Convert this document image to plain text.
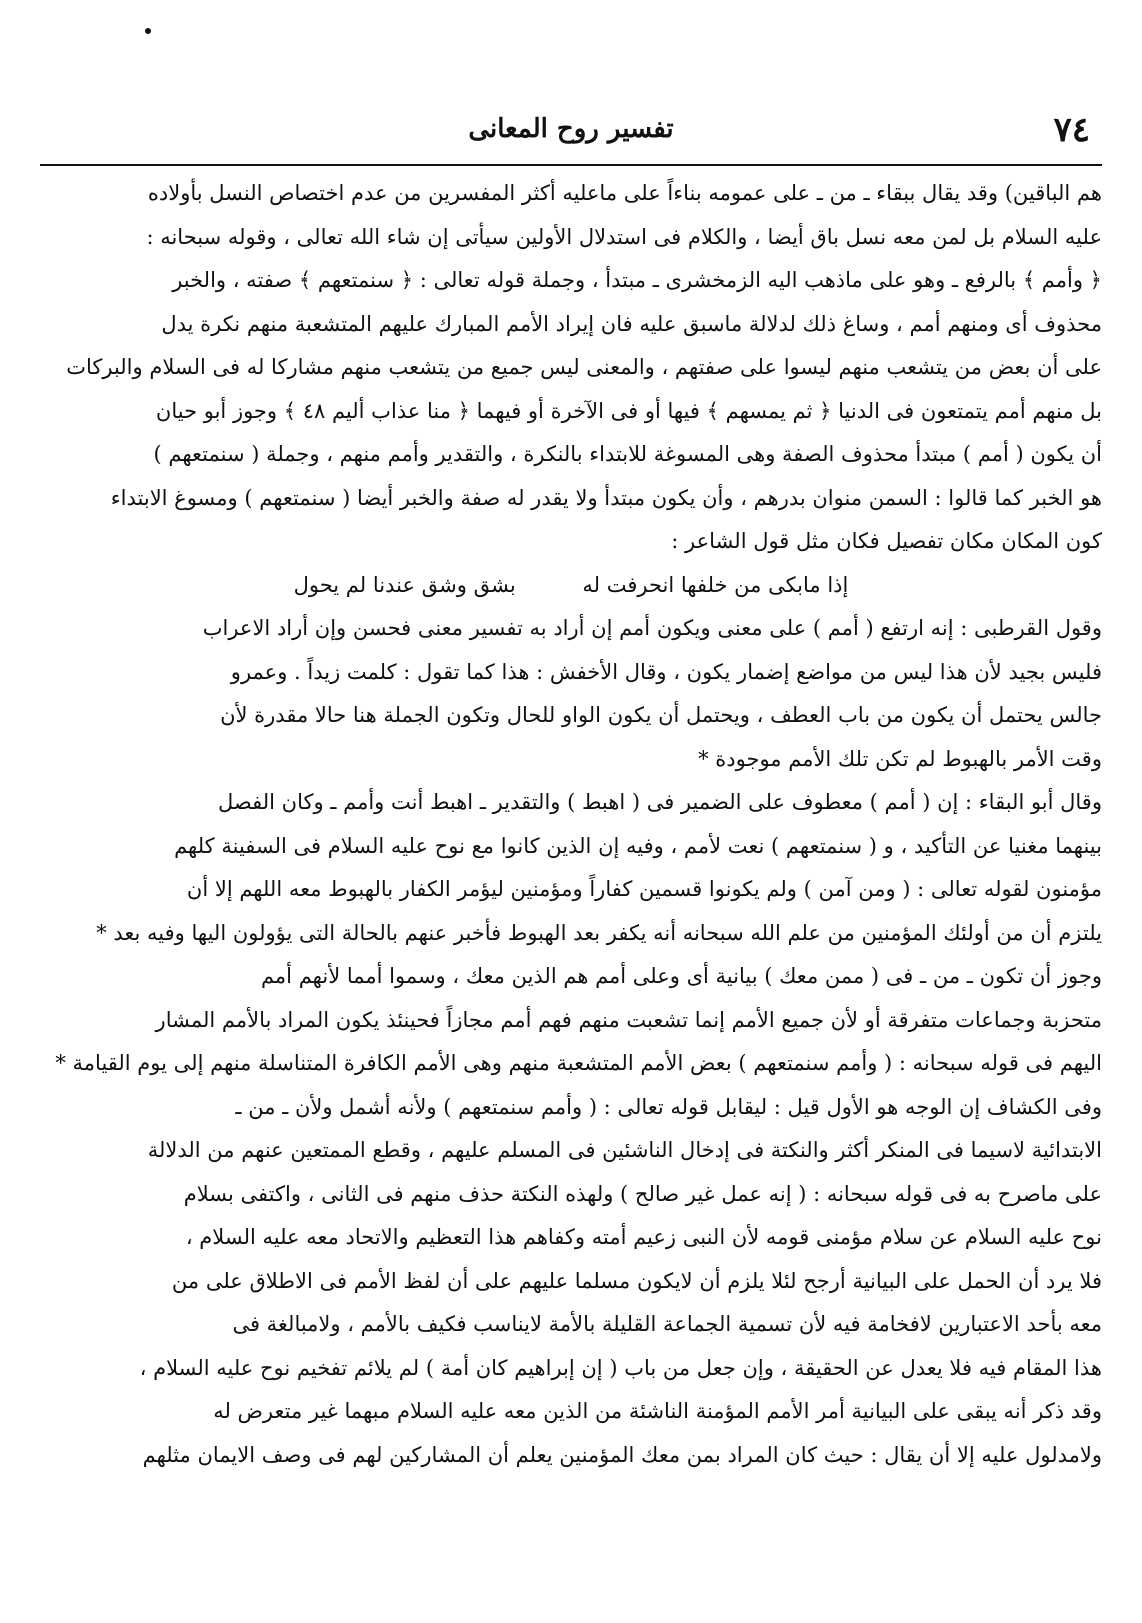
٧٤
تفسير روح المعانى
هم الباقين) وقد يقال ببقاء ـ من ـ على عمومه بناءاً على ماعليه أكثر المفسرين من عدم اختصاص النسل بأولاده
عليه السلام بل لمن معه نسل باق أيضا ، والكلام فى استدلال الأولين سيأتى إن شاء الله تعالى ، وقوله سبحانه :
﴿ وأمم ﴾ بالرفع ـ وهو على ماذهب اليه الزمخشرى ـ مبتدأ ، وجملة قوله تعالى : ﴿ سنمتعهم ﴾ صفته ، والخبر
محذوف أى ومنهم أمم ، وساغ ذلك لدلالة ماسبق عليه فان إيراد الأمم المبارك عليهم المتشعبة منهم نكرة يدل
على أن بعض من يتشعب منهم ليسوا على صفتهم ، والمعنى ليس جميع من يتشعب منهم مشاركا له فى السلام والبركات
بل منهم أمم يتمتعون فى الدنيا ﴿ ثم يمسهم ﴾ فيها أو فى الآخرة أو فيهما ﴿ منا عذاب أليم ٤٨ ﴾ وجوز أبو حيان
أن يكون ( أمم ) مبتدأ محذوف الصفة وهى المسوغة للابتداء بالنكرة ، والتقدير وأمم منهم ، وجملة ( سنمتعهم )
هو الخبر كما قالوا : السمن منوان بدرهم ، وأن يكون مبتدأ ولا يقدر له صفة والخبر أيضا ( سنمتعهم ) ومسوغ الابتداء
كون المكان مكان تفصيل فكان مثل قول الشاعر :
إذا مابكى من خلفها انحرفت له بشق وشق عندنا لم يحول
وقول القرطبى : إنه ارتفع ( أمم ) على معنى ويكون أمم إن أراد به تفسير معنى فحسن وإن أراد الاعراب
فليس بجيد لأن هذا ليس من مواضع إضمار يكون ، وقال الأخفش : هذا كما تقول : كلمت زيداً . وعمرو
جالس يحتمل أن يكون من باب العطف ، ويحتمل أن يكون الواو للحال وتكون الجملة هنا حالا مقدرة لأن
وقت الأمر بالهبوط لم تكن تلك الأمم موجودة *
وقال أبو البقاء : إن ( أمم ) معطوف على الضمير فى ( اهبط ) والتقدير ـ اهبط أنت وأمم ـ وكان الفصل
بينهما مغنيا عن التأكيد ، و ( سنمتعهم ) نعت لأمم ، وفيه إن الذين كانوا مع نوح عليه السلام فى السفينة كلهم
مؤمنون لقوله تعالى : ( ومن آمن ) ولم يكونوا قسمين كفاراً ومؤمنين ليؤمر الكفار بالهبوط معه اللهم إلا أن
يلتزم أن من أولئك المؤمنين من علم الله سبحانه أنه يكفر بعد الهبوط فأخبر عنهم بالحالة التى يؤولون اليها وفيه بعد *
وجوز أن تكون ـ من ـ فى ( ممن معك ) بيانية أى وعلى أمم هم الذين معك ، وسموا أمما لأنهم أمم
متحزبة وجماعات متفرقة أو لأن جميع الأمم إنما تشعبت منهم فهم أمم مجازاً فحينئذ يكون المراد بالأمم المشار
اليهم فى قوله سبحانه : ( وأمم سنمتعهم ) بعض الأمم المتشعبة منهم وهى الأمم الكافرة المتناسلة منهم إلى يوم القيامة *
وفى الكشاف إن الوجه هو الأول قيل : ليقابل قوله تعالى : ( وأمم سنمتعهم ) ولأنه أشمل ولأن ـ من ـ
الابتدائية لاسيما فى المنكر أكثر والنكتة فى إدخال الناشئين فى المسلم عليهم ، وقطع الممتعين عنهم من الدلالة
على ماصرح به فى قوله سبحانه : ( إنه عمل غير صالح ) ولهذه النكتة حذف منهم فى الثانى ، واكتفى بسلام
نوح عليه السلام عن سلام مؤمنى قومه لأن النبى زعيم أمته وكفاهم هذا التعظيم والاتحاد معه عليه السلام ،
فلا يرد أن الحمل على البيانية أرجح لئلا يلزم أن لايكون مسلما عليهم على أن لفظ الأمم فى الاطلاق على من
معه بأحد الاعتبارين لافخامة فيه لأن تسمية الجماعة القليلة بالأمة لايناسب فكيف بالأمم ، ولامبالغة فى
هذا المقام فيه فلا يعدل عن الحقيقة ، وإن جعل من باب ( إن إبراهيم كان أمة ) لم يلائم تفخيم نوح عليه السلام ،
وقد ذكر أنه يبقى على البيانية أمر الأمم المؤمنة الناشئة من الذين معه عليه السلام مبهما غير متعرض له
ولامدلول عليه إلا أن يقال : حيث كان المراد بمن معك المؤمنين يعلم أن المشاركين لهم فى وصف الايمان مثلهم
